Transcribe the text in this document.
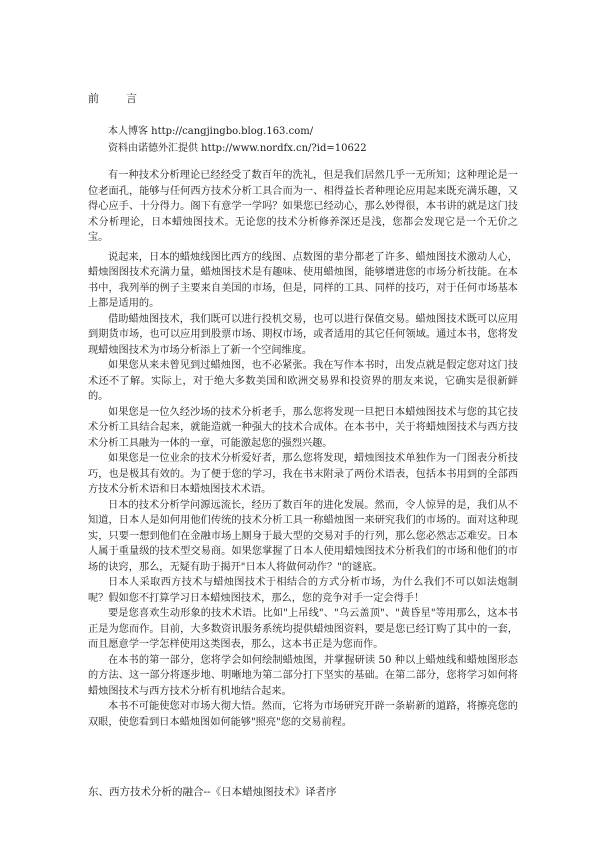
前　言
本人博客 http://cangjingbo.blog.163.com/
资料由诺德外汇提供 http://www.nordfx.cn/?id=10622

有一种技术分析理论已经经受了数百年的洗礼，但是我们居然几乎一无所知；这种理论是一位老面孔，能够与任何西方技术分析工具合而为一、相得益长者种理论应用起来既充满乐趣，又得心应手、十分得力。阁下有意学一学吗？如果您已经动心，那么妙得很，本书讲的就是这门技术分析理论，日本蜡烛图技术。无论您的技术分析修养深还是浅，您都会发现它是一个无价之宝。

说起来，日本的蜡烛线图比西方的线图、点数图的辈分都老了许多、蜡烛图技术激动人心，蜡烛图图技术充满力量，蜡烛图技术是有趣味、使用蜡烛图，能够增进您的市场分析技能。在本书中，我列举的例子主要来自美国的市场，但是，同样的工具、同样的技巧，对于任何市场基本上都是适用的。

借助蜡烛图技术，我们既可以进行投机交易，也可以进行保值交易。蜡烛图技术既可以应用到期货市场，也可以应用到股票市场、期权市场，或者适用的其它任何领域。通过本书，您将发现蜡烛图技术为市场分析添上了新一个空间维度。

如果您从来未曾见到过蜡烛图，也不必紧张。我在写作本书时，出发点就是假定您对这门技术还不了解。实际上，对于绝大多数美国和欧洲交易界和投资界的朋友来说，它确实是很新鲜的。

如果您是一位久经沙场的技术分析老手，那么您将发现一旦把日本蜡烛图技术与您的其它技术分析工具结合起来，就能造就一种强大的技术合成体。在本书中，关于将蜡烛图技术与西方技术分析工具融为一体的一章，可能激起您的强烈兴趣。

如果您是一位业余的技术分析爱好者，那么您将发现，蜡烛图技术单独作为一门图表分析技巧，也是极其有效的。为了便于您的学习，我在书末附录了两份术语表，包括本书用到的全部西方技术分析术语和日本蜡烛图技术术语。

日本的技术分析学问源远流长，经历了数百年的进化发展。然而，令人惊异的是，我们从不知道，日本人是如何用他们传统的技术分析工具一称蜡烛图一来研究我们的市场的。面对这种现实，只要一想到他们在金融市场上厕身于最大型的交易对手的行列，那么您必然志忑难安。日本人属于重量级的技术型交易商。如果您掌握了日本人使用蜡烛图技术分析我们的市场和他们的市场的诀窍，那么，无疑有助于揭开"日本人将做何动作？"的谜底。

日本人采取西方技术与蜡烛图技术于相结合的方式分析市场，为什么我们不可以如法炮制呢？假如您不打算学习日本蜡烛图技术，那么，您的竞争对手一定会得手！

要是您喜欢生动形象的技术术语。比如"上吊线"、"乌云盖顶"、"黄昏星"等用那么，这本书正是为您而作。目前，大多数资讯服务系统均提供蜡烛图资料，要是您已经订购了其中的一套，而且愿意学一学怎样使用这类图表，那么，这本书正是为您而作。

在本书的第一部分，您将学会如何绘制蜡烛图，并掌握研读 50 种以上蜡烛线和蜡烛图形态的方法、这一部分将逐步地、明晰地为第二部分打下坚实的基础。在第二部分，您将学习如何将蜡烛图技术与西方技术分析有机地结合起来。

本书不可能使您对市场大彻大悟。然而，它将为市场研究开辟一条崭新的道路，将擦亮您的双眼，使您看到日本蜡烛图如何能够"照亮"您的交易前程。

东、西方技术分析的融合--《日本蜡烛图技术》译者序
